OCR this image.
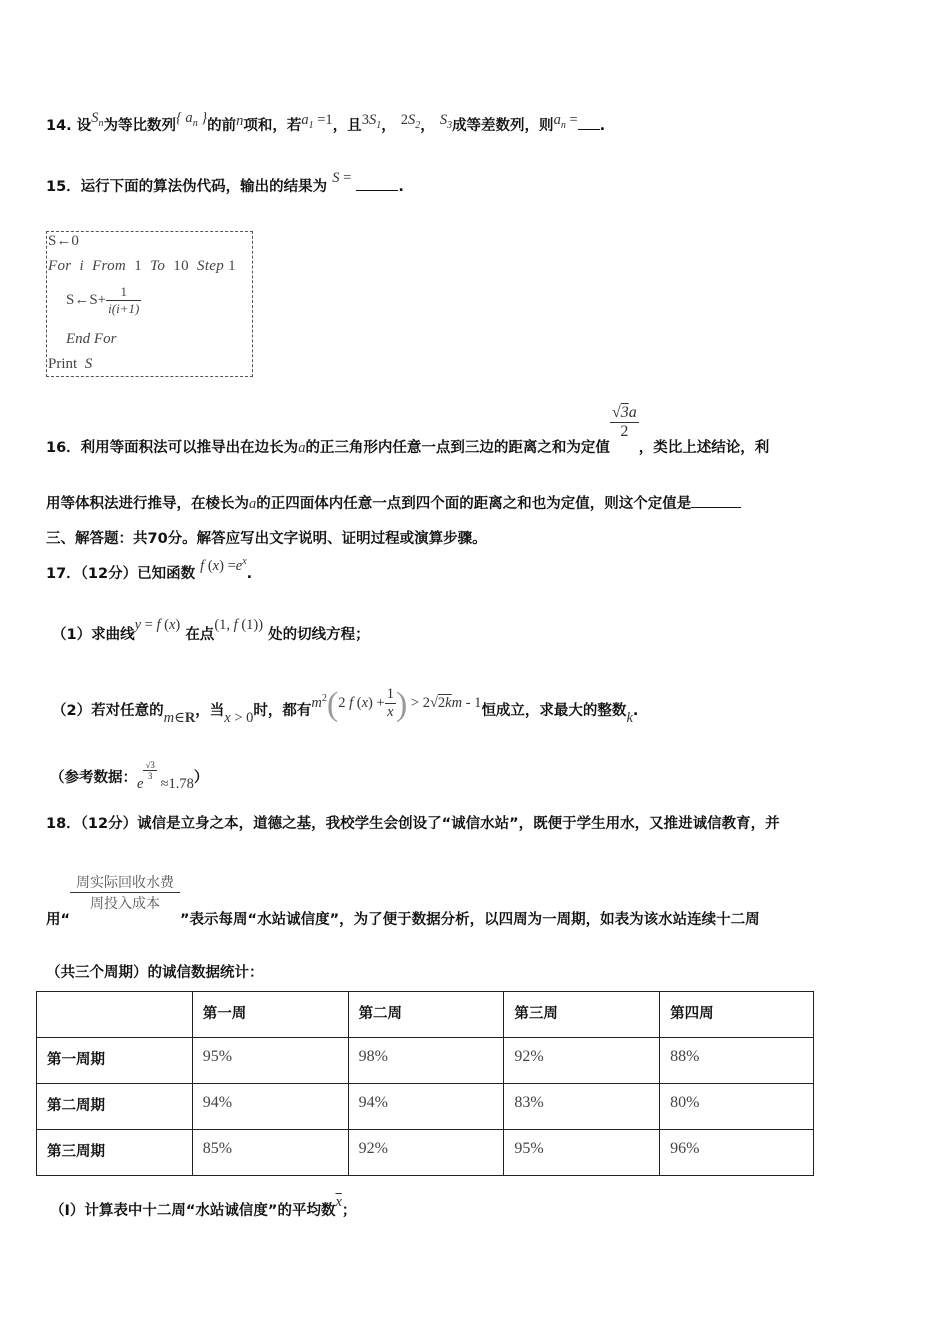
14. 设$S_n$为等比数列{ $a_n$ }的前n项和，若$a_1 =1$，且$3S_1$， $2S_2$， $S_3$成等差数列，则$a_n$ = .
15．运行下面的算法伪代码，输出的结果为 S = .
S←0
For i From 1 To 10 Step 1
S←S+ $\frac{1}{i(i+1)}$
End For
Print S
16．利用等面积法可以推导出在边长为a的正三角形内任意一点到三边的距离之和为定值
$\frac{√3a}{2}$
，类比上述结论，利
用等体积法进行推导，在棱长为a的正四面体内任意一点到四个面的距离之和也为定值，则这个定值是
三、解答题：共70分。解答应写出文字说明、证明过程或演算步骤。
17．（12分）已知函数 f $(x) =e^x$.
（1）求曲线y = f (x) 在点(1, f (1)) 处的切线方程；
（2）若对任意的m∈R，当x > 0时，都有$m^2(2$ f $(x) + \frac{1}{x}$ ) > 2√2km - 1恒成立，求最大的整数k.
（参考数据：e
$^{\frac{√3}{3}}$
≈1.78）
18．（12分）诚信是立身之本，道德之基，我校学生会创设了“诚信水站”，既便于学生用水，又推进诚信教育，并
用“
$\frac{\text{周实际回收水费}}{\text{周投入成本}}$
”表示每周“水站诚信度”，为了便于数据分析，以四周为一周期，如表为该水站连续十二周
（共三个周期）的诚信数据统计：
	第一周	第二周	第三周	第四周
第一周期	95%	98%	92%	88%
第二周期	94%	94%	83%	80%
第三周期	85%	92%	95%	96%
（Ⅰ）计算表中十二周“水站诚信度”的平均数$\overline{x}$；
